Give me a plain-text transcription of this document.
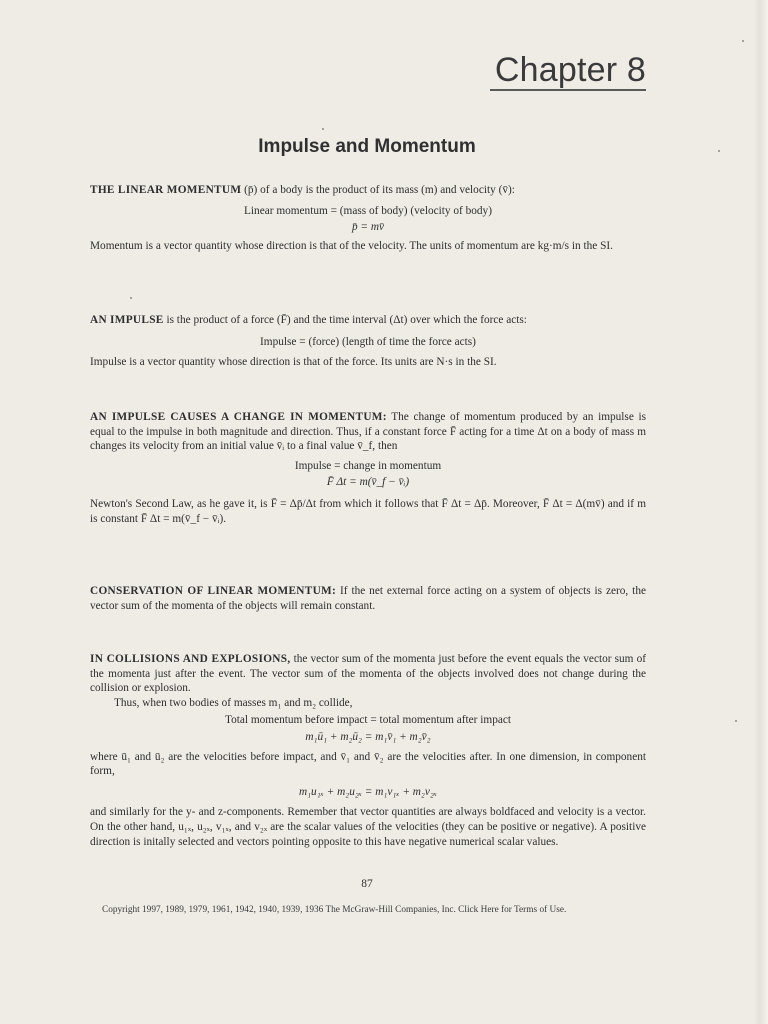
Chapter 8
Impulse and Momentum

THE LINEAR MOMENTUM (p̄) of a body is the product of its mass (m) and velocity (v̄):

Linear momentum = (mass of body) (velocity of body)

p̄ = mv̄

Momentum is a vector quantity whose direction is that of the velocity. The units of momentum are kg·m/s in the SI.

AN IMPULSE is the product of a force (F̄) and the time interval (Δt) over which the force acts:

Impulse = (force) (length of time the force acts)

Impulse is a vector quantity whose direction is that of the force. Its units are N·s in the SI.

AN IMPULSE CAUSES A CHANGE IN MOMENTUM: The change of momentum produced by an impulse is equal to the impulse in both magnitude and direction. Thus, if a constant force F̄ acting for a time Δt on a body of mass m changes its velocity from an initial value v̄ᵢ to a final value v̄_f, then

Impulse = change in momentum

F̄ Δt = m(v̄_f − v̄ᵢ)

Newton's Second Law, as he gave it, is F̄ = Δp̄/Δt from which it follows that F̄ Δt = Δp̄. Moreover, F̄ Δt = Δ(mv̄) and if m is constant F̄ Δt = m(v̄_f − v̄ᵢ).

CONSERVATION OF LINEAR MOMENTUM: If the net external force acting on a system of objects is zero, the vector sum of the momenta of the objects will remain constant.

IN COLLISIONS AND EXPLOSIONS, the vector sum of the momenta just before the event equals the vector sum of the momenta just after the event. The vector sum of the momenta of the objects involved does not change during the collision or explosion.

Thus, when two bodies of masses m₁ and m₂ collide,

Total momentum before impact = total momentum after impact

m₁ū₁ + m₂ū₂ = m₁v̄₁ + m₂v̄₂

where ū₁ and ū₂ are the velocities before impact, and v̄₁ and v̄₂ are the velocities after. In one dimension, in component form,

m₁u₁ₓ + m₂u₂ₓ = m₁v₁ₓ + m₂v₂ₓ

and similarly for the y- and z-components. Remember that vector quantities are always boldfaced and velocity is a vector. On the other hand, u₁ₓ, u₂ₓ, v₁ₓ, and v₂ₓ are the scalar values of the velocities (they can be positive or negative). A positive direction is initally selected and vectors pointing opposite to this have negative numerical scalar values.

87
Copyright 1997, 1989, 1979, 1961, 1942, 1940, 1939, 1936 The McGraw-Hill Companies, Inc. Click Here for Terms of Use.
